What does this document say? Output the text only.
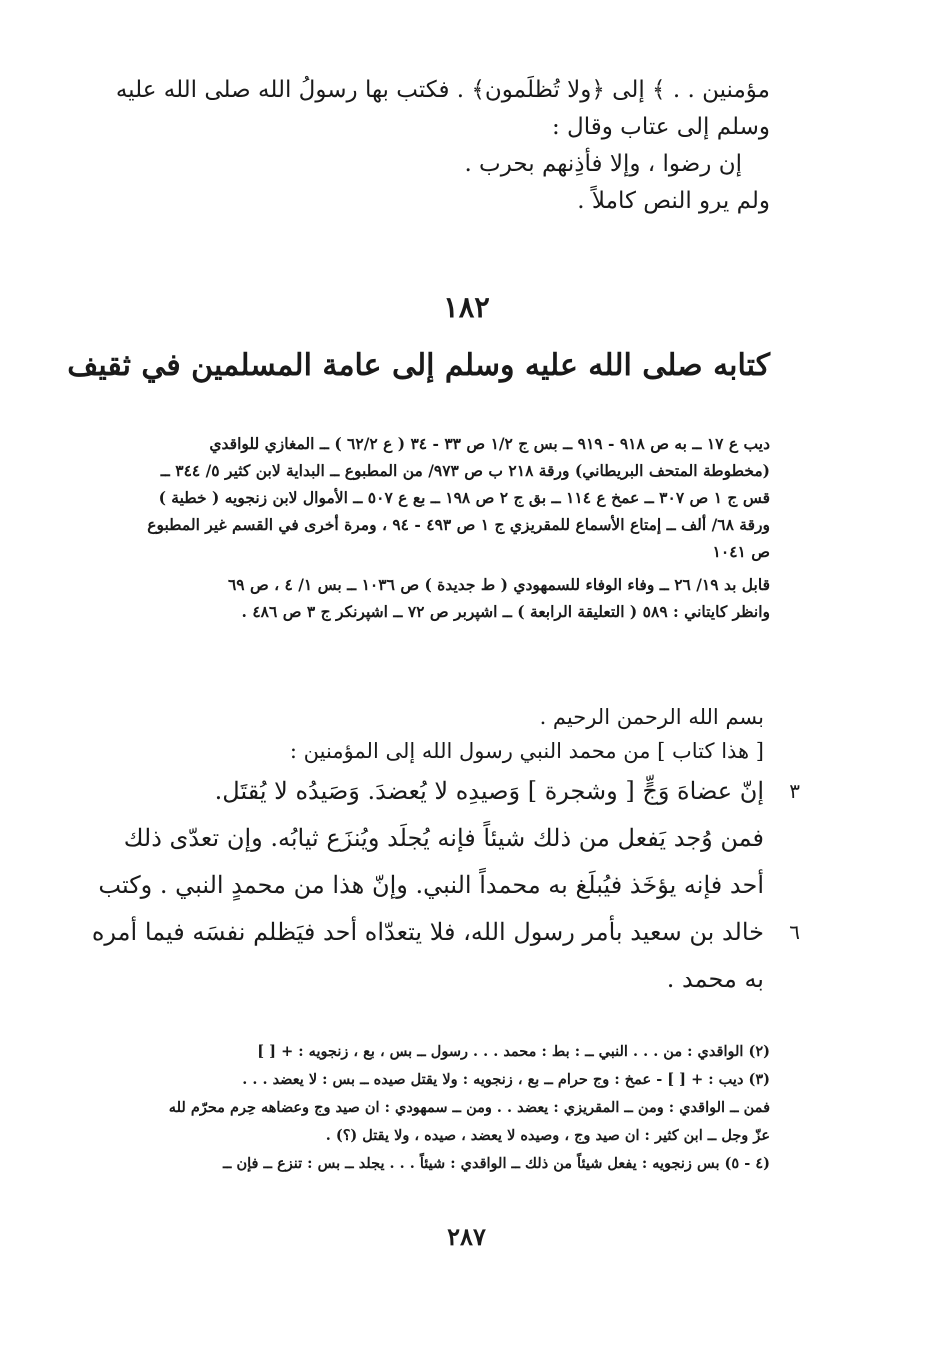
مؤمنين . . ﴾ إلى ﴿ولا تُظلَمون﴾ . فكتب بها رسولُ الله صلى الله عليه
وسلم إلى عتاب وقال :
إن رضوا ، وإلا فأذِنهم بحرب .
ولم يرو النص كاملاً .
١٨٢
كتابه صلى الله عليه وسلم إلى عامة المسلمين في ثقيف
ديب ع ١٧ ــ به ص ٩١٨ - ٩١٩ ــ بس ج ١/٢ ص ٣٣ - ٣٤ ( ع ٦٢/٢ ) ــ المغازي للواقدي
(مخطوطة المتحف البريطاني) ورقة ٢١٨ ب ص ٩٧٣/ من المطبوع ــ البداية لابن كثير ٥/ ٣٤٤ ــ
قس ج ١ ص ٣٠٧ ــ عمخ ع ١١٤ ــ بق ج ٢ ص ١٩٨ ــ بع ع ٥٠٧ ــ الأموال لابن زنجويه ( خطية )
ورقة ٦٨/ ألف ــ إمتاع الأسماع للمقريزي ج ١ ص ٤٩٣ - ٩٤ ، ومرة أخرى في القسم غير المطبوع
ص ١٠٤١
قابل بد ١٩/ ٢٦ ــ وفاء الوفاء للسمهودي ( ط جديدة ) ص ١٠٣٦ ــ بس ١/ ٤ ، ص ٦٩
وانظر كايتاني : ٥٨٩ ( التعليقة الرابعة ) ــ اشپربر ص ٧٢ ــ اشپرنكر ج ٣ ص ٤٨٦ .
بسم الله الرحمن الرحيم .
[ هذا كتاب ] من محمد النبي رسول الله إلى المؤمنين :
٣
إنّ عضاهَ وَجٍّ [ وشجرة ] وَصيدِه لا يُعضدَ. وَصَيدُه لا يُقتَل.
فمن وُجد يَفعل من ذلك شيئاً فإنه يُجلَد ويُنزَع ثيابُه. وإن تعدّى ذلك
أحد فإنه يؤخَذ فيُبلَغ به محمداً النبي. وإنّ هذا من محمدٍ النبي . وكتب
٦
خالد بن سعيد بأمر رسول الله، فلا يتعدّاه أحد فيَظلم نفسَه فيما أمره
به محمد .
(٢) الواقدي : من . . . النبي ــ : بط : محمد . . . رسول ــ بس ، بع ، زنجويه : + [ ]
(٣) ديب : + [ ] - عمخ : وج حرام ــ بع ، زنجويه : ولا يقتل صيده ــ بس : لا يعضد . . .
فمن ــ الواقدي : ومن ــ المقريزي : يعضد . . ومن ــ سمهودي : ان صيد وج وعضاهه حِرم محرّم لله
عزّ وجل ــ ابن كثير : ان صيد وج ، وصيده لا يعضد ، صيده ، ولا يقتل (؟) .
(٤ - ٥) بس زنجويه : يفعل شيئاً من ذلك ــ الواقدي : شيئاً . . . يجلد ــ بس : تنزع ــ فإن ــ
٢٨٧
